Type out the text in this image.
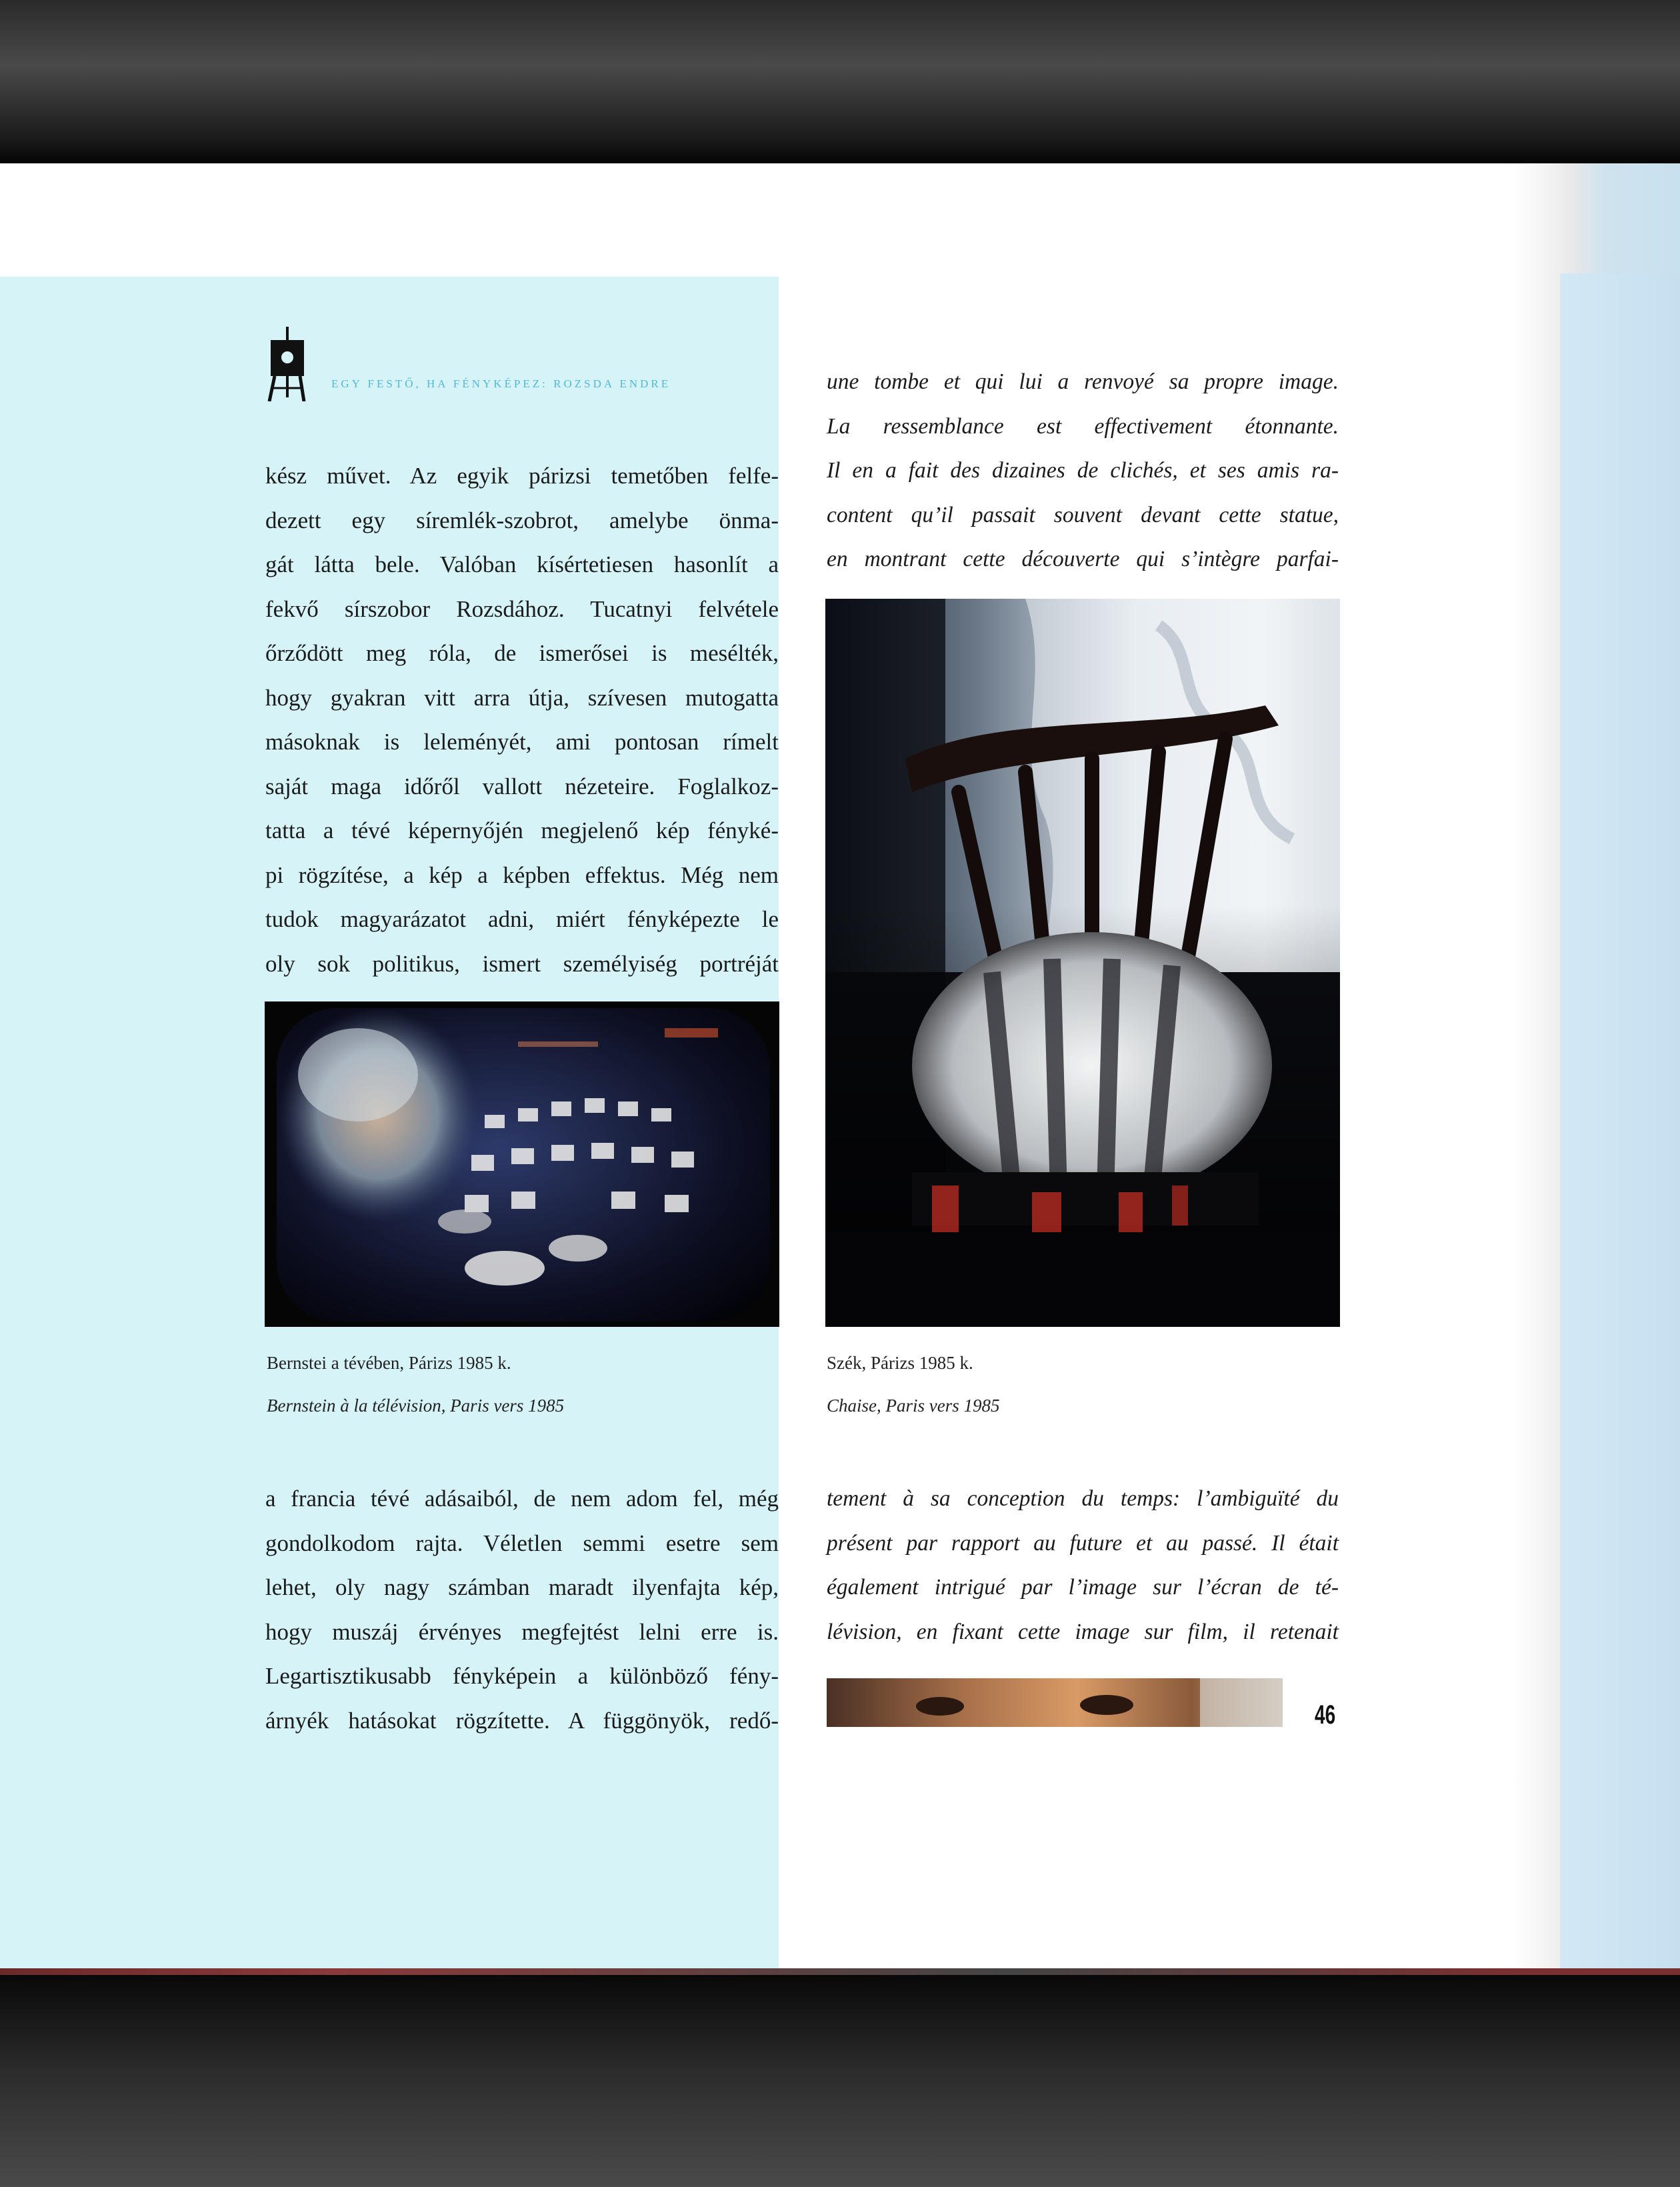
EGY FESTŐ, HA FÉNYKÉPEZ: ROZSDA ENDRE
kész művet. Az egyik párizsi temetőben felfe-
dezett egy síremlék-szobrot, amelybe önma-
gát látta bele. Valóban kísértetiesen hasonlít a
fekvő sírszobor Rozsdához. Tucatnyi felvétele
őrződött meg róla, de ismerősei is mesélték,
hogy gyakran vitt arra útja, szívesen mutogatta
másoknak is leleményét, ami pontosan rímelt
saját maga időről vallott nézeteire. Foglalkoz-
tatta a tévé képernyőjén megjelenő kép fényké-
pi rögzítése, a kép a képben effektus. Még nem
tudok magyarázatot adni, miért fényképezte le
oly sok politikus, ismert személyiség portréját
Bernstei a tévében, Párizs 1985 k.
Bernstein à la télévision, Paris vers 1985
a francia tévé adásaiból, de nem adom fel, még
gondolkodom rajta. Véletlen semmi esetre sem
lehet, oly nagy számban maradt ilyenfajta kép,
hogy muszáj érvényes megfejtést lelni erre is.
Legartisztikusabb fényképein a különböző fény-
árnyék hatásokat rögzítette. A függönyök, redő-
une tombe et qui lui a renvoyé sa propre image.
La ressemblance est effectivement étonnante.
Il en a fait des dizaines de clichés, et ses amis ra-
content qu’il passait souvent devant cette statue,
en montrant cette découverte qui s’intègre parfai-
Szék, Párizs 1985 k.
Chaise, Paris vers 1985
tement à sa conception du temps: l’ambiguïté du
présent par rapport au future et au passé. Il était
également intrigué par l’image sur l’écran de té-
lévision, en fixant cette image sur film, il retenait
46
